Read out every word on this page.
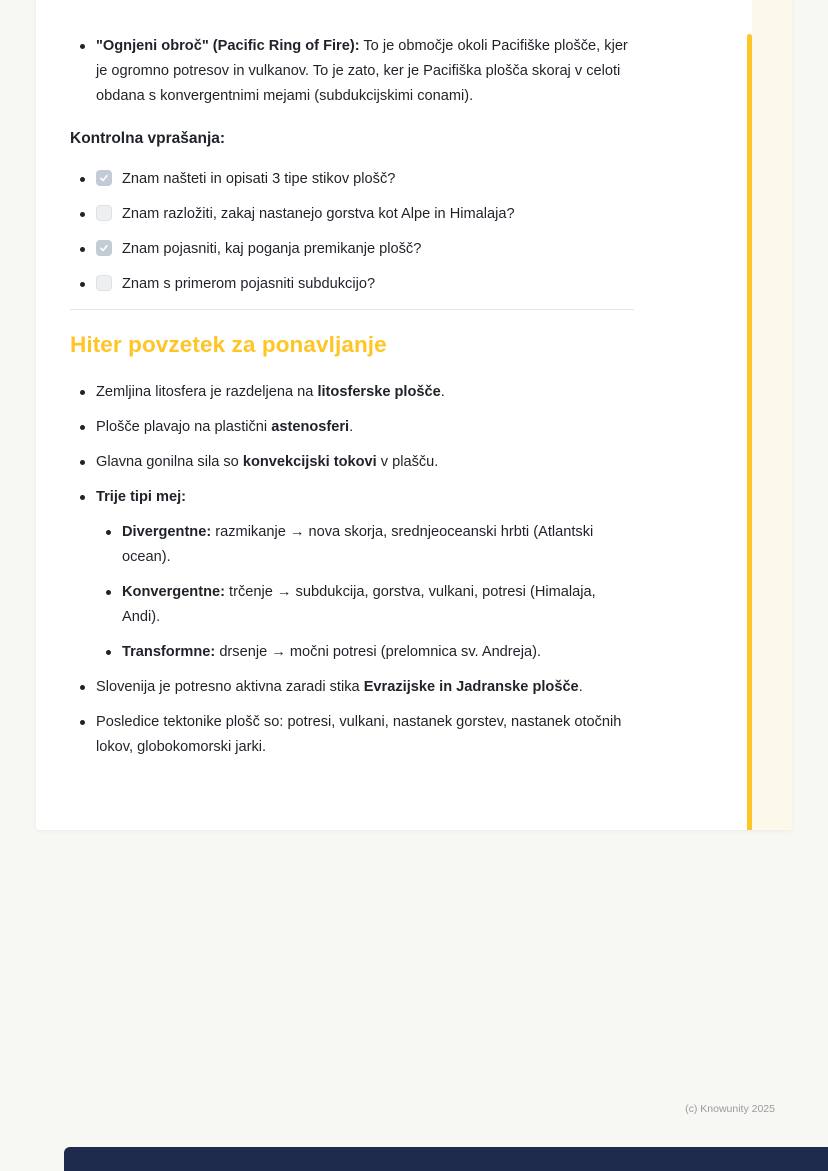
"Ognjeni obroč" (Pacific Ring of Fire): To je območje okoli Pacifiške plošče, kjer je ogromno potresov in vulkanov. To je zato, ker je Pacifiška plošča skoraj v celoti obdana s konvergentnimi mejami (subdukcijskimi conami).
Kontrolna vprašanja:
Znam našteti in opisati 3 tipe stikov plošč?
Znam razložiti, zakaj nastanejo gorstva kot Alpe in Himalaja?
Znam pojasniti, kaj poganja premikanje plošč?
Znam s primerom pojasniti subdukcijo?
Hiter povzetek za ponavljanje
Zemljina litosfera je razdeljena na litosferske plošče.
Plošče plavajo na plastični astenosferi.
Glavna gonilna sila so konvekcijski tokovi v plašču.
Trije tipi mej:
Divergentne: razmikanje → nova skorja, srednjeoceanski hrbti (Atlantski ocean).
Konvergentne: trčenje → subdukcija, gorstva, vulkani, potresi (Himalaja, Andi).
Transformne: drsenje → močni potresi (prelomnica sv. Andreja).
Slovenija je potresno aktivna zaradi stika Evrazijske in Jadranske plošče.
Posledice tektonike plošč so: potresi, vulkani, nastanek gorstev, nastanek otočnih lokov, globokomorski jarki.
(c) Knowunity 2025
